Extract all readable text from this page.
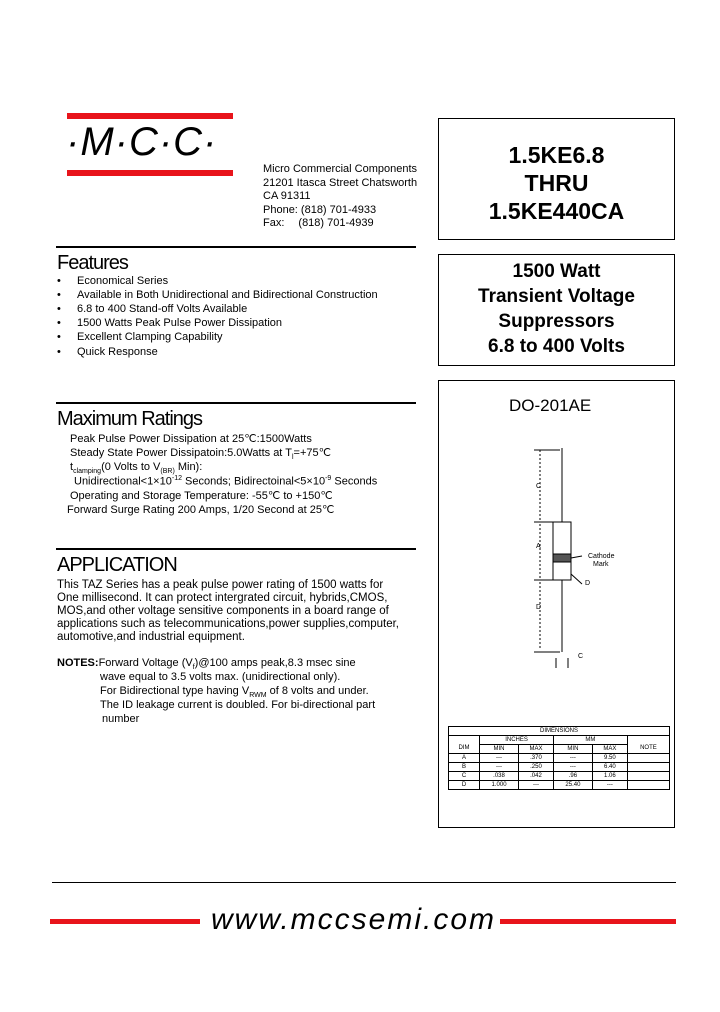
·M·C·C·
Micro Commercial Components
21201 Itasca Street Chatsworth
CA 91311
Phone: (818) 701-4933
Fax: (818) 701-4939
1.5KE6.8
THRU
1.5KE440CA
1500 Watt
Transient Voltage
Suppressors
6.8 to 400 Volts
Features
• Economical Series
• Available in Both Unidirectional and Bidirectional Construction
• 6.8 to 400 Stand-off Volts Available
• 1500 Watts Peak Pulse Power Dissipation
• Excellent Clamping Capability
• Quick Response
Maximum Ratings
Peak Pulse Power Dissipation at 25℃:1500Watts
Steady State Power Dissipatoin:5.0Watts at $T_l=+75℃$
$t_{clamping}(0$ Volts to $V_{(BR)}$ Min):
$Unidirectional<1\times 10^{-12}$ Seconds; $Bidirectoinal<5\times 10^{-9}$ Seconds
Operating and Storage Temperature: -55℃ to +150℃
Forward Surge Rating 200 Amps, 1/20 Second at 25℃
APPLICATION
This TAZ Series has a peak pulse power rating of 1500 watts for
One millisecond. It can protect intergrated circuit, hybrids,CMOS,
MOS,and other voltage sensitive components in a board range of
applications such as telecommunications,power supplies,computer,
automotive,and industrial equipment.
NOTES:Forward Voltage $(V_f)@100$ amps peak,8.3 msec sine
wave equal to 3.5 volts max. (unidirectional only).
For Bidirectional type having $V_{RWM}$ of 8 volts and under.
The ID leakage current is doubled. For bi-directional part
number
DO-201AE
C
A
D
D
C
Cathode
Mark
DIMENSIONS					
	INCHES		MM		
DIM	MIN	MAX	MIN	MAX	NOTE
A	---	.370	---	9.50	
B	---	.250	---	6.40	
C	.038	.042	.96	1.06	
D	1.000	---	25.40	---	
www.mccsemi.com
